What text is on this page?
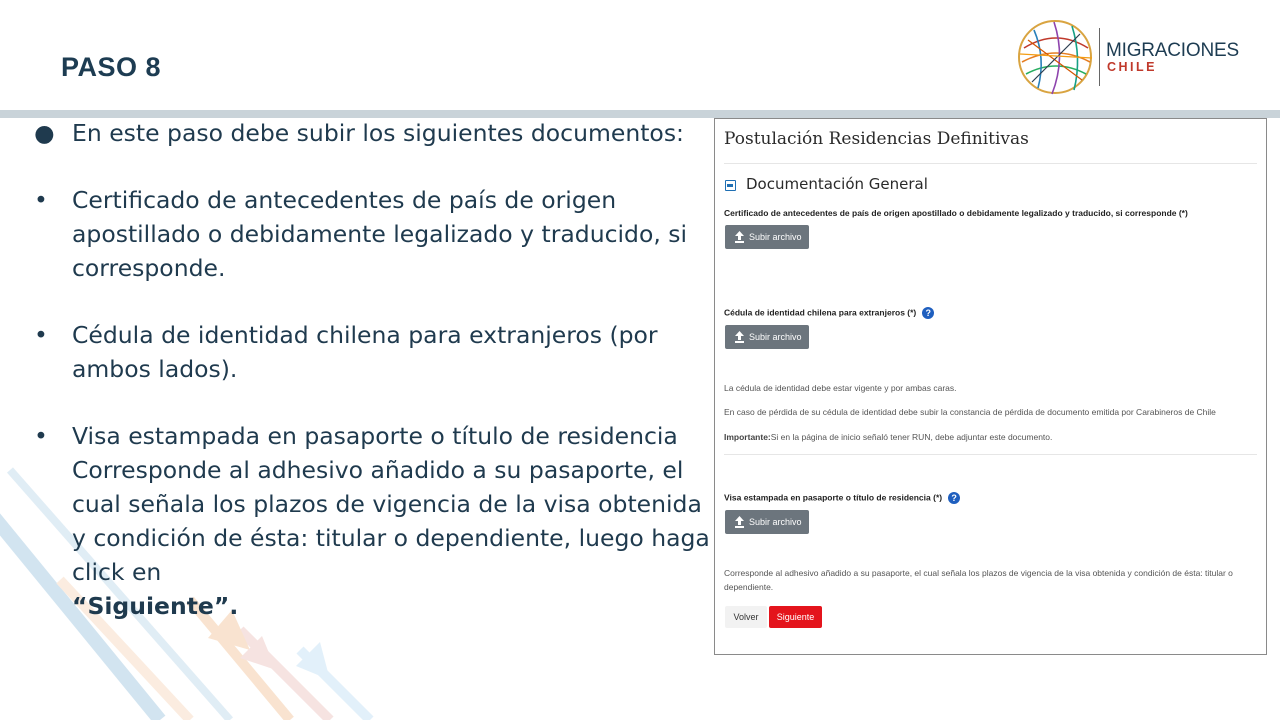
PASO 8
MIGRACIONES
CHILE
● En este paso debe subir los siguientes documentos:
• Certificado de antecedentes de país de origen apostillado o debidamente legalizado y traducido, si corresponde.
• Cédula de identidad chilena para extranjeros (por ambos lados).
• Visa estampada en pasaporte o título de residencia Corresponde al adhesivo añadido a su pasaporte, el cual señala los plazos de vigencia de la visa obtenida y condición de ésta: titular o dependiente, luego haga click en
“Siguiente”.
Postulación Residencias Definitivas
Documentación General
Certificado de antecedentes de país de origen apostillado o debidamente legalizado y traducido, si corresponde (*)
Subir archivo
Cédula de identidad chilena para extranjeros (*) ?
Subir archivo
La cédula de identidad debe estar vigente y por ambas caras.
En caso de pérdida de su cédula de identidad debe subir la constancia de pérdida de documento emitida por Carabineros de Chile
Importante:Si en la página de inicio señaló tener RUN, debe adjuntar este documento.
Visa estampada en pasaporte o título de residencia (*) ?
Subir archivo
Corresponde al adhesivo añadido a su pasaporte, el cual señala los plazos de vigencia de la visa obtenida y condición de ésta: titular o dependiente.
Volver	Siguiente
